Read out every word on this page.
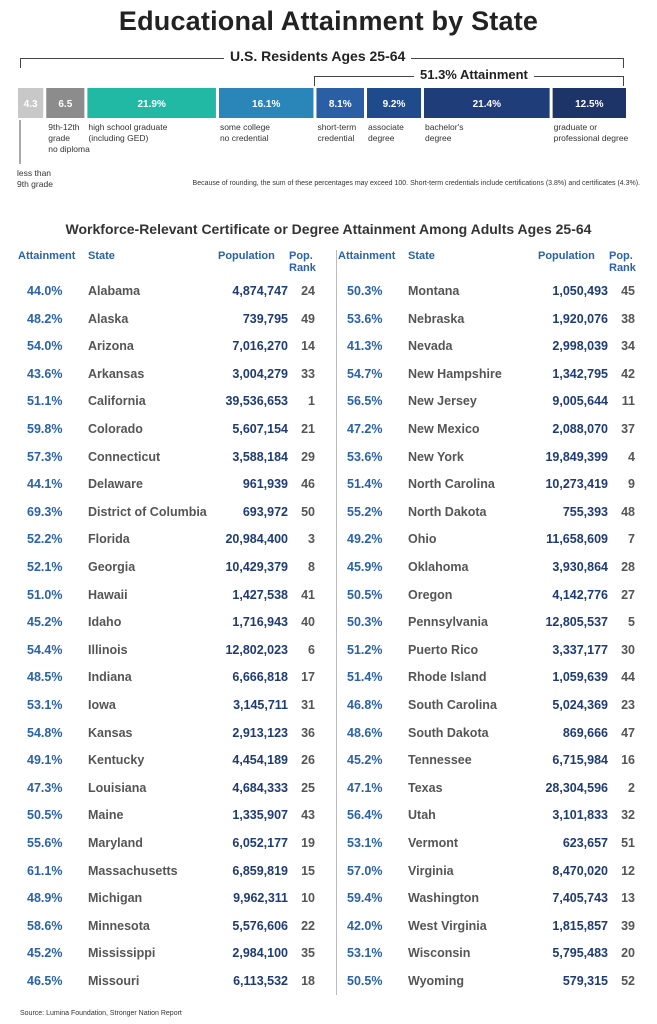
Educational Attainment by State
U.S. Residents Ages 25-64
51.3% Attainment
4.3
less than 9th grade
6.5
9th-12th grade no diploma
21.9%
high school graduate (including GED)
16.1%
some college no credential
8.1%
short-term credential
9.2%
associate degree
21.4%
bachelor's degree
12.5%
graduate or professional degree
Because of rounding, the sum of these percentages may exceed 100. Short-term credentials include certifications (3.8%) and certificates (4.3%).
Workforce-Relevant Certificate or Degree Attainment Among Adults Ages 25-64
Attainment State	Population Pop.
Rank
44.0% Alabama	4,874,747 24
48.2% Alaska	739,795 49
54.0% Arizona	7,016,270 14
43.6% Arkansas	3,004,279 33
51.1% California	39,536,653 1
59.8% Colorado	5,607,154 21
57.3% Connecticut	3,588,184 29
44.1% Delaware	961,939 46
69.3% District of Columbia	693,972 50
52.2% Florida	20,984,400 3
52.1% Georgia	10,429,379 8
51.0% Hawaii	1,427,538 41
45.2% Idaho	1,716,943 40
54.4% Illinois	12,802,023 6
48.5% Indiana	6,666,818 17
53.1% Iowa	3,145,711 31
54.8% Kansas	2,913,123 36
49.1% Kentucky	4,454,189 26
47.3% Louisiana	4,684,333 25
50.5% Maine	1,335,907 43
55.6% Maryland	6,052,177 19
61.1% Massachusetts	6,859,819 15
48.9% Michigan	9,962,311 10
58.6% Minnesota	5,576,606 22
45.2% Mississippi	2,984,100 35
46.5% Missouri	6,113,532 18
Attainment State	Population Pop.
Rank
50.3% Montana	1,050,493 45
53.6% Nebraska	1,920,076 38
41.3% Nevada	2,998,039 34
54.7% New Hampshire	1,342,795 42
56.5% New Jersey	9,005,644 11
47.2% New Mexico	2,088,070 37
53.6% New York	19,849,399 4
51.4% North Carolina	10,273,419 9
55.2% North Dakota	755,393 48
49.2% Ohio	11,658,609 7
45.9% Oklahoma	3,930,864 28
50.5% Oregon	4,142,776 27
50.3% Pennsylvania	12,805,537 5
51.2% Puerto Rico	3,337,177 30
51.4% Rhode Island	1,059,639 44
46.8% South Carolina	5,024,369 23
48.6% South Dakota	869,666 47
45.2% Tennessee	6,715,984 16
47.1% Texas	28,304,596 2
56.4% Utah	3,101,833 32
53.1% Vermont	623,657 51
57.0% Virginia	8,470,020 12
59.4% Washington	7,405,743 13
42.0% West Virginia	1,815,857 39
53.1% Wisconsin	5,795,483 20
50.5% Wyoming	579,315 52
Source: Lumina Foundation, Stronger Nation Report
